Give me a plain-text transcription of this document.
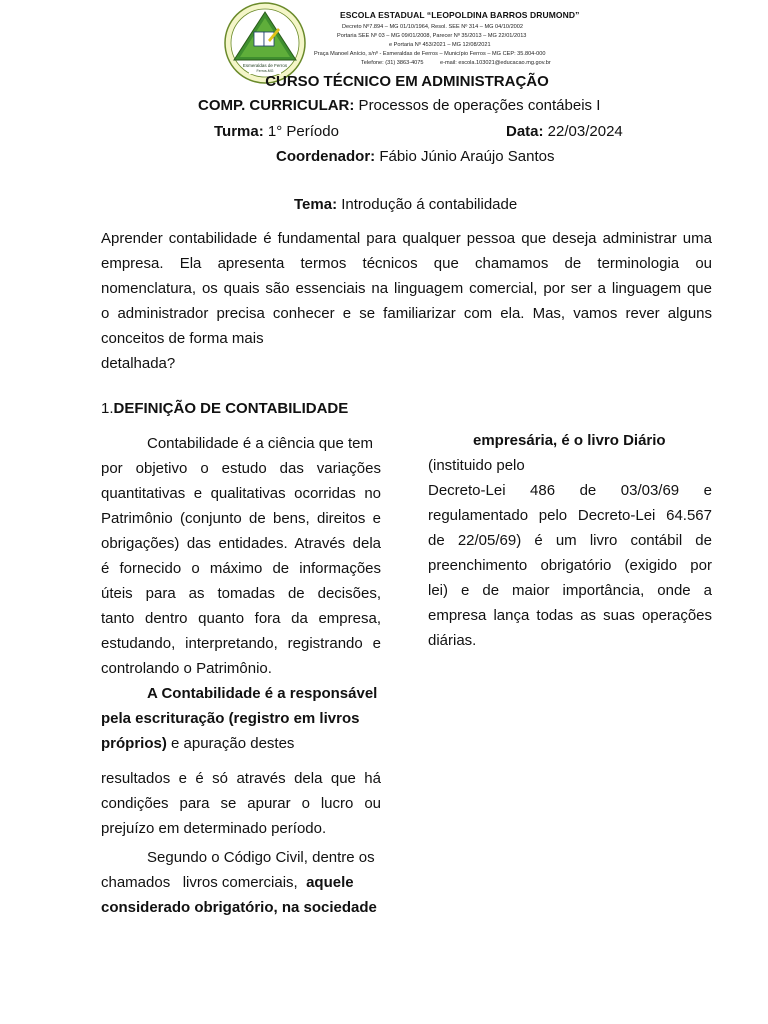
Esmeraldas de Ferros
Ferros-MG
ESCOLA ESTADUAL “LEOPOLDINA BARROS DRUMOND”
Decreto Nº7.894 – MG 01/10/1964, Resol. SEE Nº 314 – MG 04/10/2002
Portaria SEE Nº 03 – MG 09/01/2008, Parecer Nº 35/2013 – MG 22/01/2013
e Portaria Nº 453/2021 – MG 12/08/2021
Praça Manoel Anício, s/nº - Esmeraldas de Ferros – Município Ferros – MG CEP: 35.804-000
Telefone: (31) 3863-4075	e-mail: escola.103021@educacao.mg.gov.br
CURSO TÉCNICO EM ADMINISTRAÇÃO
COMP. CURRICULAR: Processos de operações contábeis I
Turma: 1° Período	Data: 22/03/2024
Coordenador: Fábio Júnio Araújo Santos
Tema: Introdução á contabilidade
Aprender contabilidade é fundamental para qualquer pessoa que deseja administrar uma
empresa. Ela apresenta termos técnicos que chamamos de terminologia ou
nomenclatura, os quais são essenciais na linguagem comercial, por ser a linguagem que
o administrador precisa conhecer e se familiarizar com ela. Mas, vamos rever alguns
conceitos de forma mais
detalhada?
1.DEFINIÇÃO DE CONTABILIDADE
Contabilidade é a ciência que tem
por objetivo o estudo das variações
quantitativas e qualitativas ocorridas no
Patrimônio (conjunto de bens, direitos e
obrigações) das entidades. Através dela
é fornecido o máximo de informações
úteis para as tomadas de decisões,
tanto dentro quanto fora da empresa,
estudando, interpretando, registrando e
controlando o Patrimônio.
A Contabilidade é a responsável
pela escrituração (registro em livros
próprios) e apuração destes
resultados e é só através dela que há
condições para se apurar o lucro ou
prejuízo em determinado período.
Segundo o Código Civil, dentre os
chamados   livros comerciais, aquele
considerado obrigatório, na sociedade
empresária, é o livro Diário
(instituido pelo
Decreto-Lei 486 de 03/03/69 e
regulamentado pelo Decreto-Lei 64.567
de 22/05/69) é um livro contábil de
preenchimento obrigatório (exigido por
lei) e de maior importância, onde a
empresa lança todas as suas operações
diárias.
